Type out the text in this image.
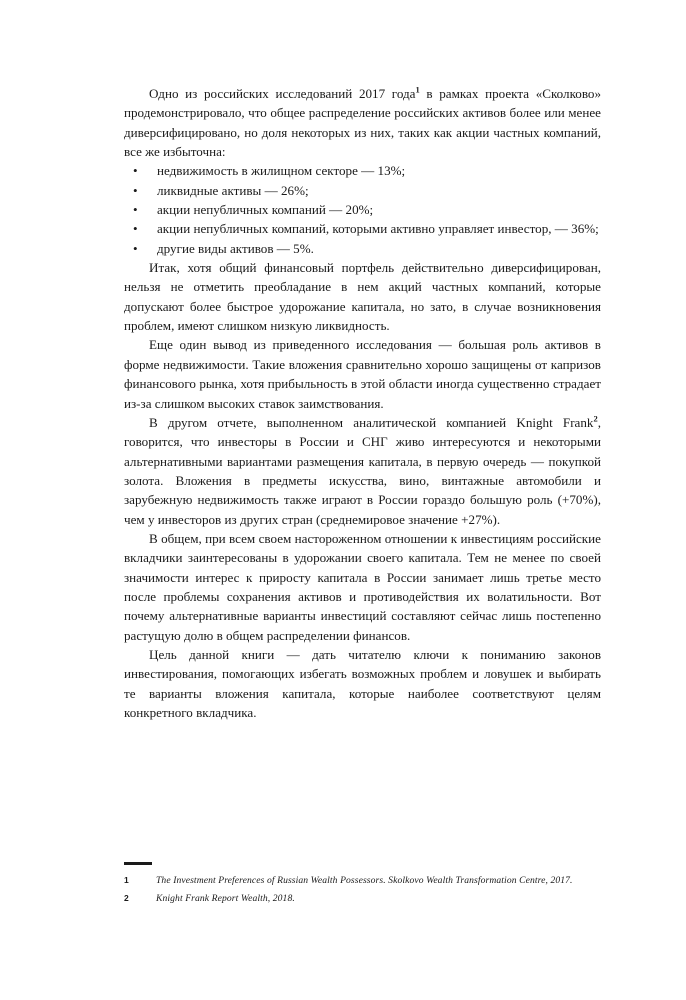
Одно из российских исследований 2017 года$^1$ в рамках проекта «Сколково» продемонстрировало, что общее распределение российских активов более или менее диверсифицировано, но доля некоторых из них, таких как акции частных компаний, все же избыточна:

• недвижимость в жилищном секторе — 13%;
• ликвидные активы — 26%;
• акции непубличных компаний — 20%;
• акции непубличных компаний, которыми активно управляет инвестор, — 36%;
• другие виды активов — 5%.

Итак, хотя общий финансовый портфель действительно диверсифицирован, нельзя не отметить преобладание в нем акций частных компаний, которые допускают более быстрое удорожание капитала, но зато, в случае возникновения проблем, имеют слишком низкую ликвидность.

Еще один вывод из приведенного исследования — большая роль активов в форме недвижимости. Такие вложения сравнительно хорошо защищены от капризов финансового рынка, хотя прибыльность в этой области иногда существенно страдает из-за слишком высоких ставок заимствования.

В другом отчете, выполненном аналитической компанией Knight Frank$^2$, говорится, что инвесторы в России и СНГ живо интересуются и некоторыми альтернативными вариантами размещения капитала, в первую очередь — покупкой золота. Вложения в предметы искусства, вино, винтажные автомобили и зарубежную недвижимость также играют в России гораздо большую роль (+70%), чем у инвесторов из других стран (среднемировое значение +27%).

В общем, при всем своем настороженном отношении к инвестициям российские вкладчики заинтересованы в удорожании своего капитала. Тем не менее по своей значимости интерес к приросту капитала в России занимает лишь третье место после проблемы сохранения активов и противодействия их волатильности. Вот почему альтернативные варианты инвестиций составляют сейчас лишь постепенно растущую долю в общем распределении финансов.

Цель данной книги — дать читателю ключи к пониманию законов инвестирования, помогающих избегать возможных проблем и ловушек и выбирать те варианты вложения капитала, которые наиболее соответствуют целям конкретного вкладчика.

1	The Investment Preferences of Russian Wealth Possessors. Skolkovo Wealth Transformation Centre, 2017.
2	Knight Frank Report Wealth, 2018.
